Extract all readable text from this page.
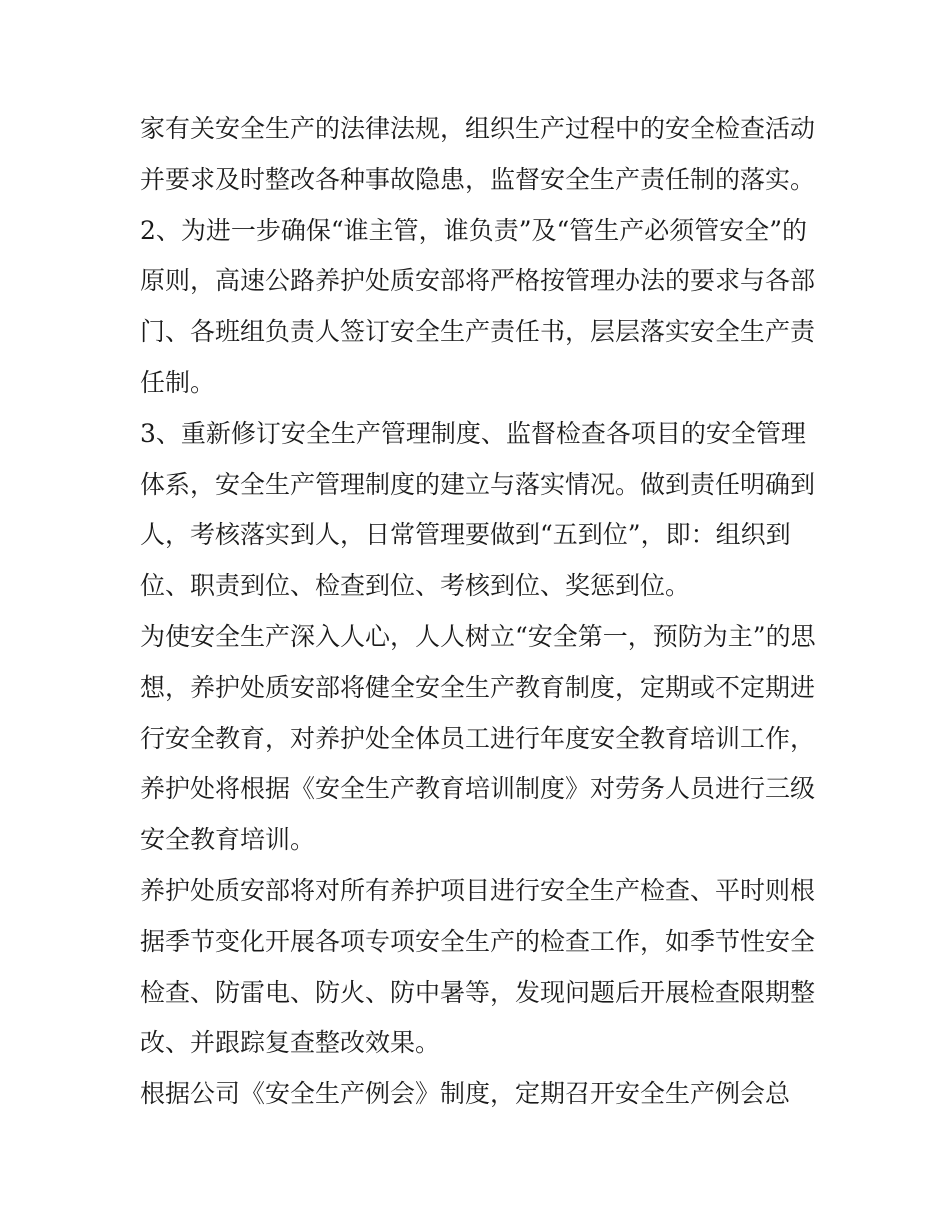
家有关安全生产的法律法规，组织生产过程中的安全检查活动
并要求及时整改各种事故隐患，监督安全生产责任制的落实。
2、为进一步确保“谁主管，谁负责”及“管生产必须管安全”的
原则，高速公路养护处质安部将严格按管理办法的要求与各部
门、各班组负责人签订安全生产责任书，层层落实安全生产责
任制。
3、重新修订安全生产管理制度、监督检查各项目的安全管理
体系，安全生产管理制度的建立与落实情况。做到责任明确到
人，考核落实到人，日常管理要做到“五到位”，即：组织到
位、职责到位、检查到位、考核到位、奖惩到位。
为使安全生产深入人心，人人树立“安全第一，预防为主”的思
想，养护处质安部将健全安全生产教育制度，定期或不定期进
行安全教育，对养护处全体员工进行年度安全教育培训工作，
养护处将根据《安全生产教育培训制度》对劳务人员进行三级
安全教育培训。
养护处质安部将对所有养护项目进行安全生产检查、平时则根
据季节变化开展各项专项安全生产的检查工作，如季节性安全
检查、防雷电、防火、防中暑等，发现问题后开展检查限期整
改、并跟踪复查整改效果。
根据公司《安全生产例会》制度，定期召开安全生产例会总
